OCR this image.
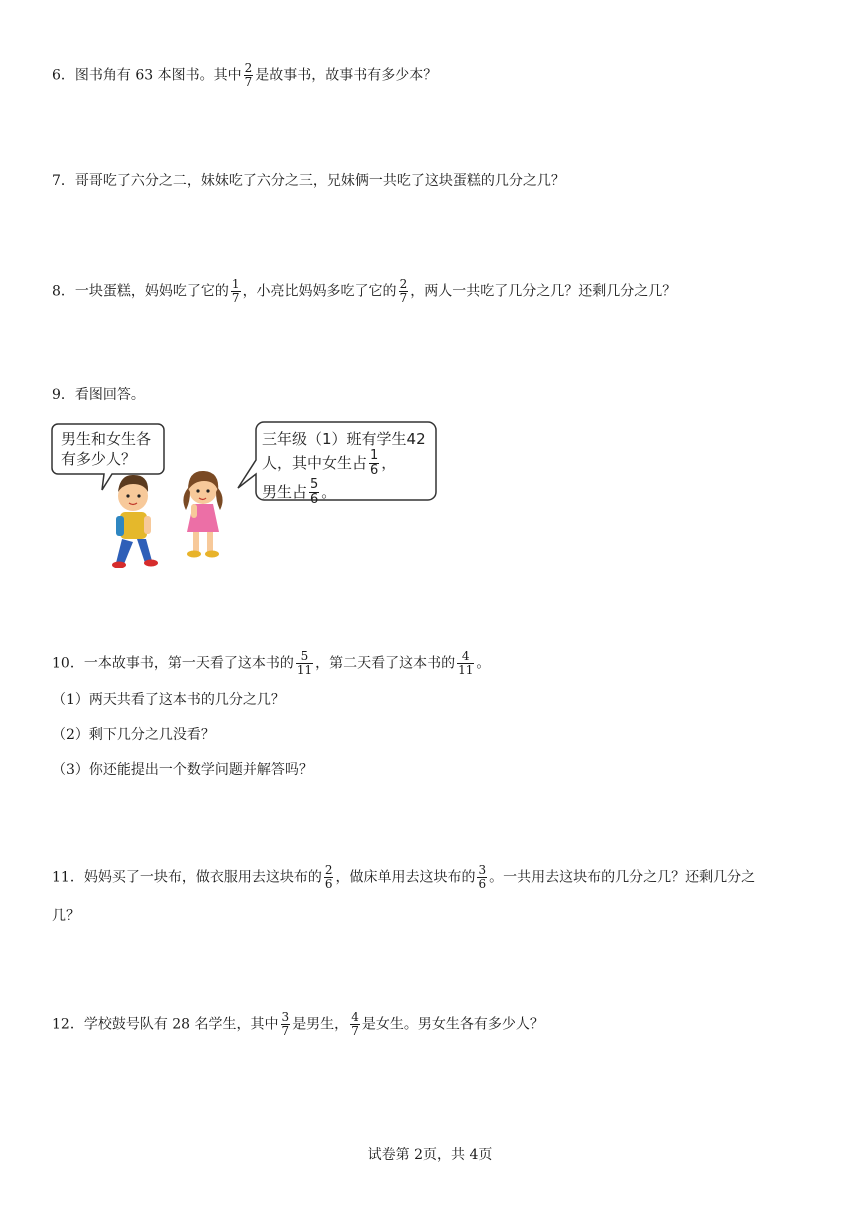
6．图书角有 63 本图书。其中 $\frac{2}{7}$ 是故事书，故事书有多少本？
7．哥哥吃了六分之二，妹妹吃了六分之三，兄妹俩一共吃了这块蛋糕的几分之几？
8．一块蛋糕，妈妈吃了它的 $\frac{1}{7}$ ，小亮比妈妈多吃了它的 $\frac{2}{7}$ ，两人一共吃了几分之几？还剩几分之几？
9．看图回答。
男生和女生各
有多少人？
三年级（1）班有学生42
人，其中女生占 $\frac{1}{6}$ ，
男生占 $\frac{5}{6}$ 。
10．一本故事书，第一天看了这本书的 $\frac{5}{11}$ ，第二天看了这本书的 $\frac{4}{11}$ 。
（1）两天共看了这本书的几分之几？
（2）剩下几分之几没看？
（3）你还能提出一个数学问题并解答吗？
11．妈妈买了一块布，做衣服用去这块布的 $\frac{2}{6}$ ，做床单用去这块布的 $\frac{3}{6}$ 。一共用去这块布的几分之几？还剩几分之
几？
12．学校鼓号队有 28 名学生，其中 $\frac{3}{7}$ 是男生， $\frac{4}{7}$ 是女生。男女生各有多少人？
试卷第 2页，共 4页
